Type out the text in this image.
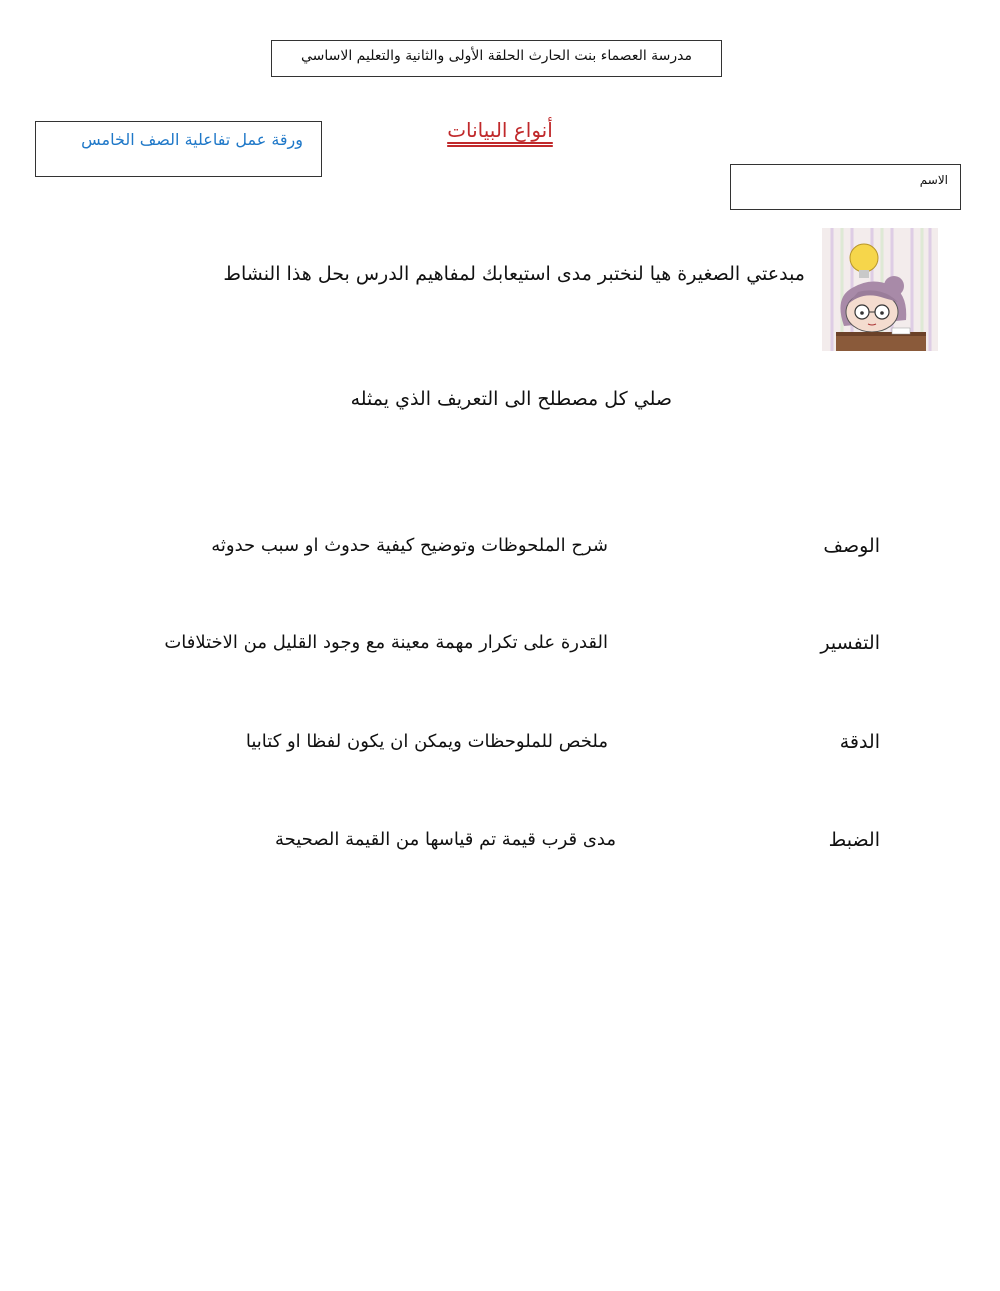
مدرسة العصماء بنت الحارث الحلقة الأولى والثانية والتعليم الاساسي
أنواع البيانات
ورقة عمل تفاعلية الصف الخامس
الاسم
مبدعتي الصغيرة هيا لنختبر مدى استيعابك لمفاهيم الدرس بحل هذا النشاط
صلي كل مصطلح الى التعريف الذي يمثله
الوصف
شرح الملحوظات وتوضيح كيفية حدوث او سبب حدوثه
التفسير
القدرة على تكرار مهمة معينة مع وجود القليل من الاختلافات
الدقة
ملخص للملوحظات ويمكن ان يكون لفظا او كتابيا
الضبط
مدى قرب قيمة تم قياسها من القيمة الصحيحة
